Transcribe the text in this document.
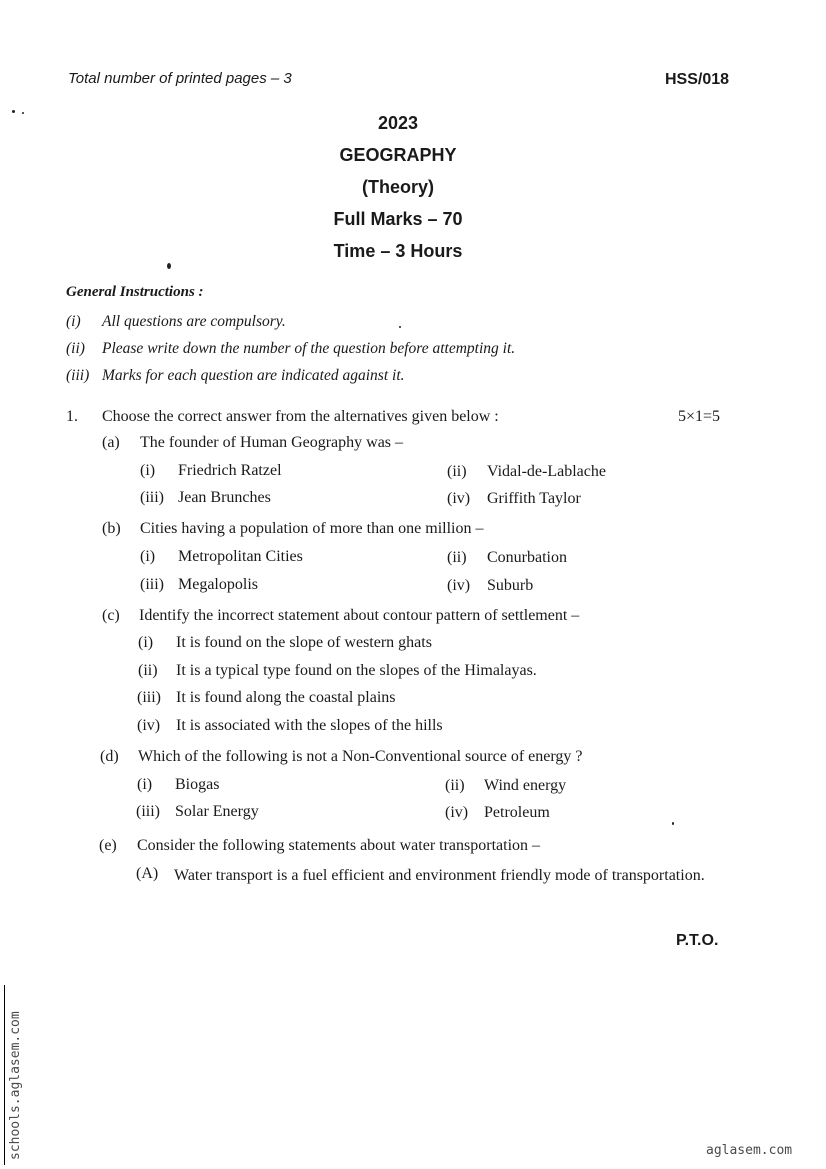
Total number of printed pages – 3	HSS/018
2023
GEOGRAPHY
(Theory)
Full Marks – 70
Time – 3 Hours
General Instructions :
(i) All questions are compulsory.
(ii) Please write down the number of the question before attempting it.
(iii) Marks for each question are indicated against it.
1. Choose the correct answer from the alternatives given below :	5×1=5
(a) The founder of Human Geography was –
(i) Friedrich Ratzel	(ii) Vidal-de-Lablache
(iii) Jean Brunches	(iv) Griffith Taylor
(b) Cities having a population of more than one million –
(i) Metropolitan Cities	(ii) Conurbation
(iii) Megalopolis	(iv) Suburb
(c) Identify the incorrect statement about contour pattern of settlement –
(i) It is found on the slope of western ghats
(ii) It is a typical type found on the slopes of the Himalayas.
(iii) It is found along the coastal plains
(iv) It is associated with the slopes of the hills
(d) Which of the following is not a Non-Conventional source of energy ?
(i) Biogas	(ii) Wind energy
(iii) Solar Energy	(iv) Petroleum
(e) Consider the following statements about water transportation –
(A) Water transport is a fuel efficient and environment friendly mode of transportation.
P.T.O.
schools.aglasem.com	aglasem.com
